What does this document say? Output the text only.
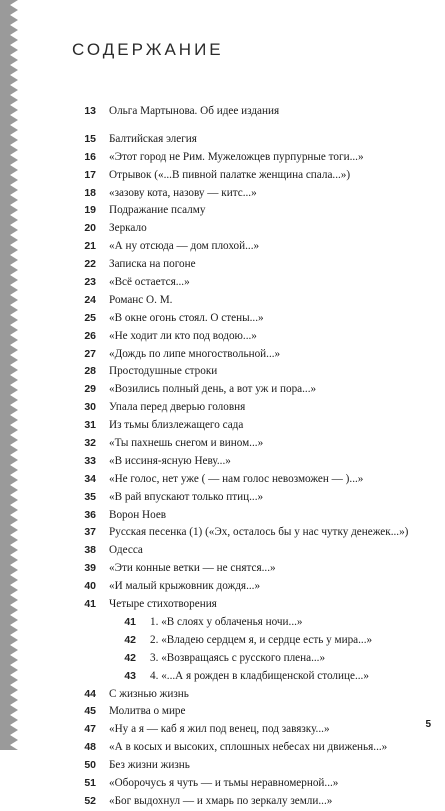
СОДЕРЖАНИЕ
13 Ольга Мартынова. Об идее издания
15 Балтийская элегия
16 «Этот город не Рим. Мужеложцев пурпурные тоги...»
17 Отрывок («...В пивной палатке женщина спала...»)
18 «зазову кота, назову — китс...»
19 Подражание псалму
20 Зеркало
21 «А ну отсюда — дом плохой...»
22 Записка на погоне
23 «Всё остается...»
24 Романс О. М.
25 «В окне огонь стоял. О стены...»
26 «Не ходит ли кто под водою...»
27 «Дождь по липе многоствольной...»
28 Простодушные строки
29 «Возились полный день, а вот уж и пора...»
30 Упала перед дверью головня
31 Из тьмы близлежащего сада
32 «Ты пахнешь снегом и вином...»
33 «В иссиня-ясную Неву...»
34 «Не голос, нет уже ( — нам голос невозможен — )...»
35 «В рай впускают только птиц...»
36 Ворон Ноев
37 Русская песенка (1) («Эх, осталось бы у нас чутку денежек...»)
38 Одесса
39 «Эти конные ветки — не снятся...»
40 «И малый крыжовник дождя...»
41 Четыре стихотворения
41 1. «В слоях у облаченья ночи...»
42 2. «Владею сердцем я, и сердце есть у мира...»
42 3. «Возвращаясь с русского плена...»
43 4. «...А я рожден в кладбищенской столице...»
44 С жизнью жизнь
45 Молитва о мире
47 «Ну а я — каб я жил под венец, под завязку...»
48 «А в косых и высоких, сплошных небесах ни движенья...»
50 Без жизни жизнь
51 «Оборочусь я чуть — и тьмы неравномерной...»
52 «Бог выдохнул — и хмарь по зеркалу земли...»
5
